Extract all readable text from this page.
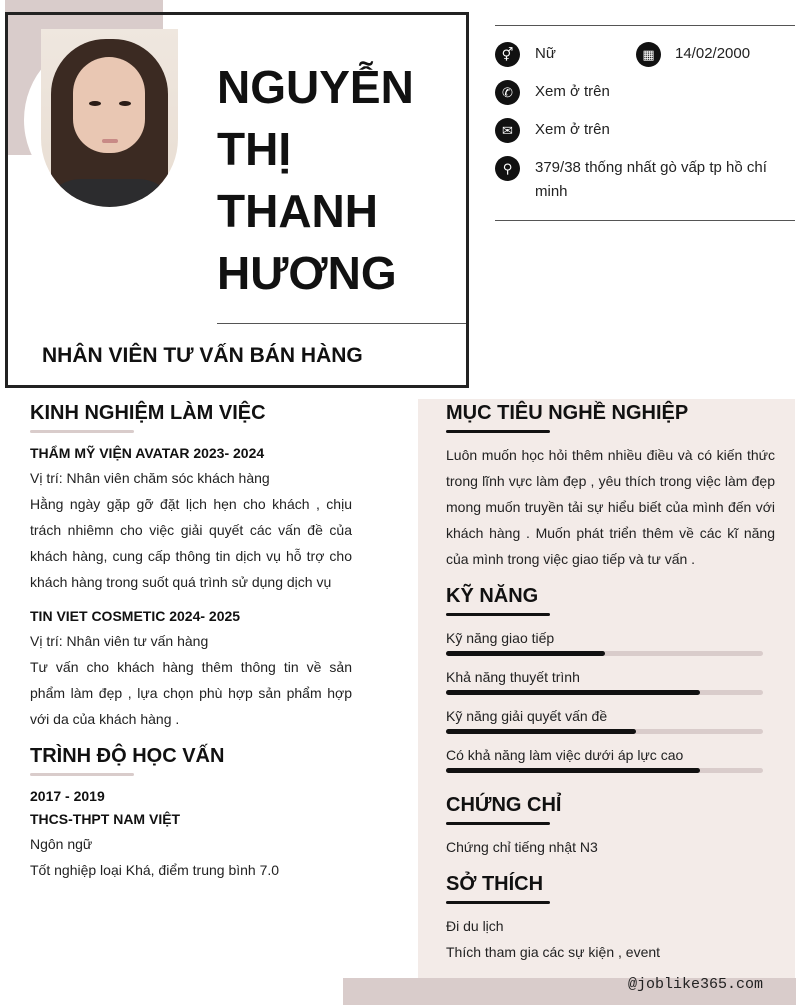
NGUYỄN THỊ THANH HƯƠNG
NHÂN VIÊN TƯ VẤN BÁN HÀNG
⚥	Nữ	▦	14/02/2000
✆	Xem ở trên
✉	Xem ở trên
⚲	379/38 thống nhất gò vấp tp hồ chí minh
KINH NGHIỆM LÀM VIỆC
THẨM MỸ VIỆN AVATAR 2023- 2024
Vị trí: Nhân viên chăm sóc khách hàng
Hằng ngày gặp gỡ đặt lịch hẹn cho khách , chịu trách nhiêmn cho việc giải quyết các vấn đề của khách hàng, cung cấp thông tin dịch vụ hỗ trợ cho khách hàng trong suốt quá trình sử dụng dịch vụ
TIN VIET COSMETIC 2024- 2025
Vị trí: Nhân viên tư vấn hàng
Tư vấn cho khách hàng thêm thông tin về sản phẩm làm đẹp , lựa chọn phù hợp sản phẩm hợp với da của khách hàng .
TRÌNH ĐỘ HỌC VẤN
2017 - 2019
THCS-THPT NAM VIỆT
Ngôn ngữ
Tốt nghiệp loại Khá, điểm trung bình 7.0
MỤC TIÊU NGHỀ NGHIỆP
Luôn muốn học hỏi thêm nhiều điều và có kiến thức trong lĩnh vực làm đẹp , yêu thích trong việc làm đẹp mong muốn truyền tải sự hiểu biết của mình đến với khách hàng . Muốn phát triển thêm về các kĩ năng của mình trong việc giao tiếp và tư vấn .
KỸ NĂNG
Kỹ năng giao tiếp
Khả năng thuyết trình
Kỹ năng giải quyết vấn đề
Có khả năng làm việc dưới áp lực cao
CHỨNG CHỈ
Chứng chỉ tiếng nhật N3
SỞ THÍCH
Đi du lịch
Thích tham gia các sự kiện , event
@joblike365.com
